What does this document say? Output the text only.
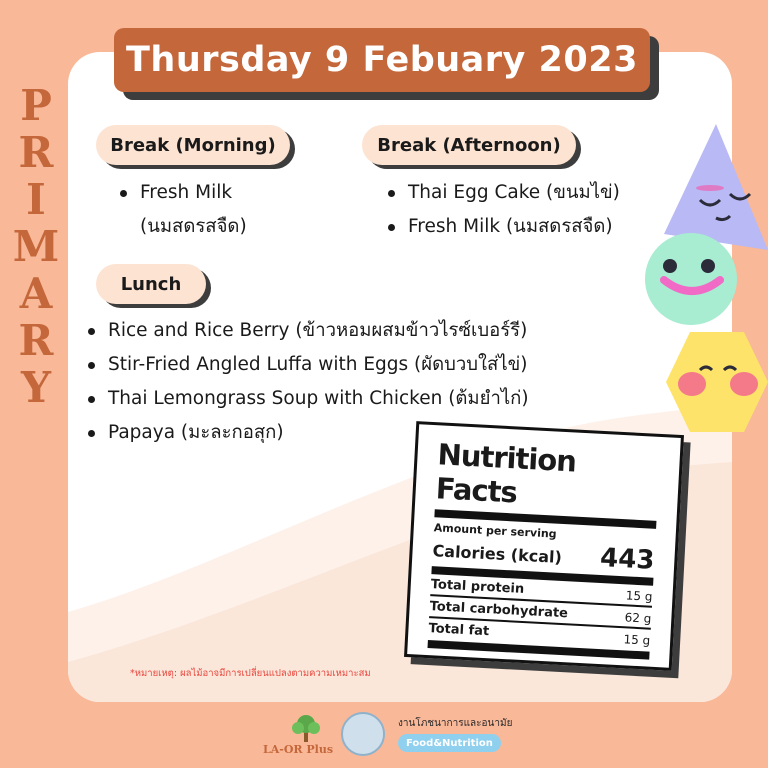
P
R
I
M
A
R
Y
Thursday 9 Febuary 2023
Break (Morning)
Fresh Milk
(นมสดรสจืด)
Break (Afternoon)
Thai Egg Cake (ขนมไข่)
Fresh Milk (นมสดรสจืด)
Lunch
Rice and Rice Berry (ข้าวหอมผสมข้าวไรซ์เบอร์รี)
Stir-Fried Angled Luffa with Eggs (ผัดบวบใส่ไข่)
Thai Lemongrass Soup with Chicken (ต้มยำไก่)
Papaya (มะละกอสุก)
Nutrition Facts
Amount per serving
Calories (kcal) 443
Total protein	15 g
Total carbohydrate	62 g
Total fat
15 g
*หมายเหตุ: ผลไม้อาจมีการเปลี่ยนแปลงตามความเหมาะสม
LA-OR Plus
งานโภชนาการและอนามัย
Food&Nutrition
